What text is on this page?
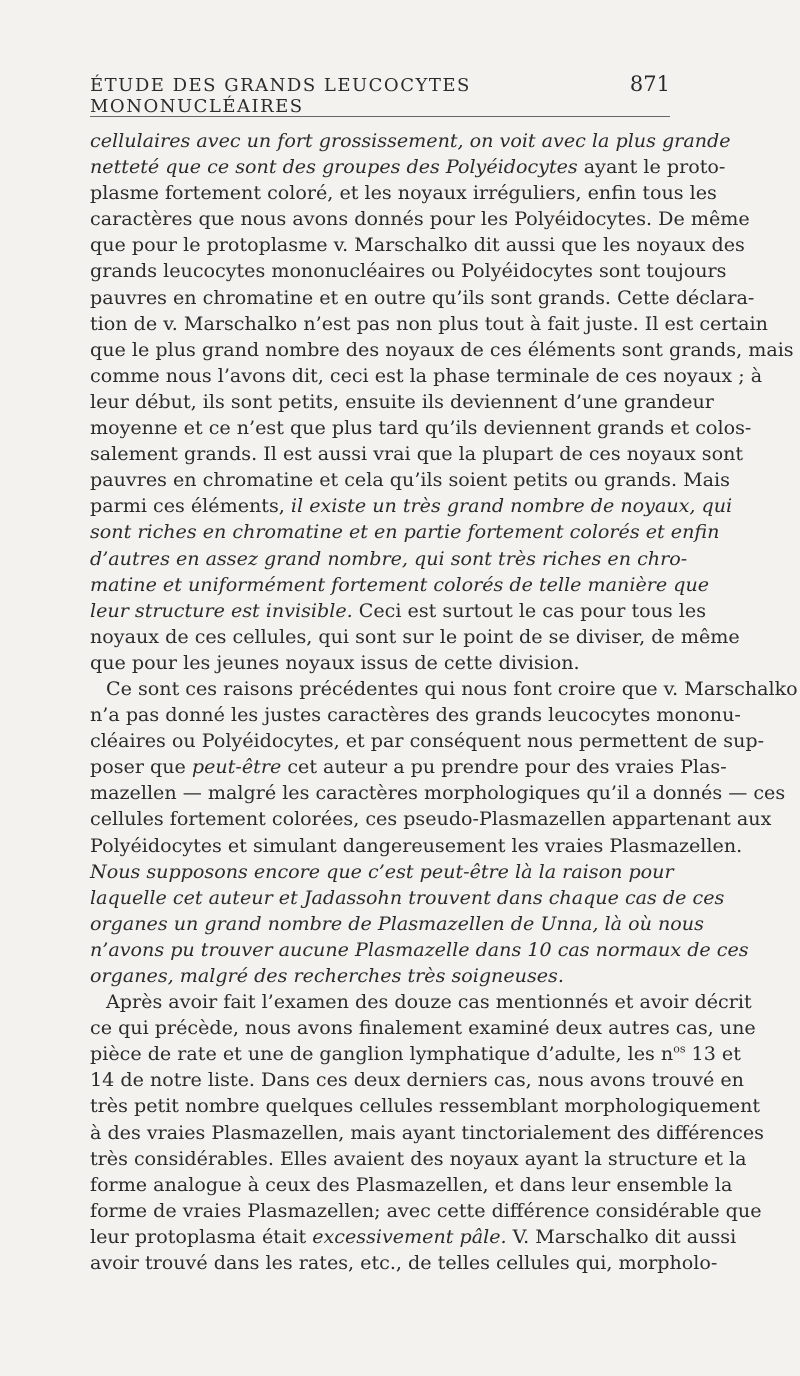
ÉTUDE DES GRANDS LEUCOCYTES MONONUCLÉAIRES
871
cellulaires avec un fort grossissement, on voit avec la plus grande
netteté que ce sont des groupes des Polyéidocytes ayant le proto-
plasme fortement coloré, et les noyaux irréguliers, enfin tous les
caractères que nous avons donnés pour les Polyéidocytes. De même
que pour le protoplasme v. Marschalko dit aussi que les noyaux des
grands leucocytes mononucléaires ou Polyéidocytes sont toujours
pauvres en chromatine et en outre qu’ils sont grands. Cette déclara-
tion de v. Marschalko n’est pas non plus tout à fait juste. Il est certain
que le plus grand nombre des noyaux de ces éléments sont grands, mais
comme nous l’avons dit, ceci est la phase terminale de ces noyaux ; à
leur début, ils sont petits, ensuite ils deviennent d’une grandeur
moyenne et ce n’est que plus tard qu’ils deviennent grands et colos-
salement grands. Il est aussi vrai que la plupart de ces noyaux sont
pauvres en chromatine et cela qu’ils soient petits ou grands. Mais
parmi ces éléments, il existe un très grand nombre de noyaux, qui
sont riches en chromatine et en partie fortement colorés et enfin
d’autres en assez grand nombre, qui sont très riches en chro-
matine et uniformément fortement colorés de telle manière que
leur structure est invisible. Ceci est surtout le cas pour tous les
noyaux de ces cellules, qui sont sur le point de se diviser, de même
que pour les jeunes noyaux issus de cette division.
Ce sont ces raisons précédentes qui nous font croire que v. Marschalko
n’a pas donné les justes caractères des grands leucocytes mononu-
cléaires ou Polyéidocytes, et par conséquent nous permettent de sup-
poser que peut-être cet auteur a pu prendre pour des vraies Plas-
mazellen — malgré les caractères morphologiques qu’il a donnés — ces
cellules fortement colorées, ces pseudo-Plasmazellen appartenant aux
Polyéidocytes et simulant dangereusement les vraies Plasmazellen.
Nous supposons encore que c’est peut-être là la raison pour
laquelle cet auteur et Jadassohn trouvent dans chaque cas de ces
organes un grand nombre de Plasmazellen de Unna, là où nous
n’avons pu trouver aucune Plasmazelle dans 10 cas normaux de ces
organes, malgré des recherches très soigneuses.
Après avoir fait l’examen des douze cas mentionnés et avoir décrit
ce qui précède, nous avons finalement examiné deux autres cas, une
pièce de rate et une de ganglion lymphatique d’adulte, les $n^{os}$ 13 et
14 de notre liste. Dans ces deux derniers cas, nous avons trouvé en
très petit nombre quelques cellules ressemblant morphologiquement
à des vraies Plasmazellen, mais ayant tinctorialement des différences
très considérables. Elles avaient des noyaux ayant la structure et la
forme analogue à ceux des Plasmazellen, et dans leur ensemble la
forme de vraies Plasmazellen; avec cette différence considérable que
leur protoplasma était excessivement pâle. V. Marschalko dit aussi
avoir trouvé dans les rates, etc., de telles cellules qui, morpholo-
